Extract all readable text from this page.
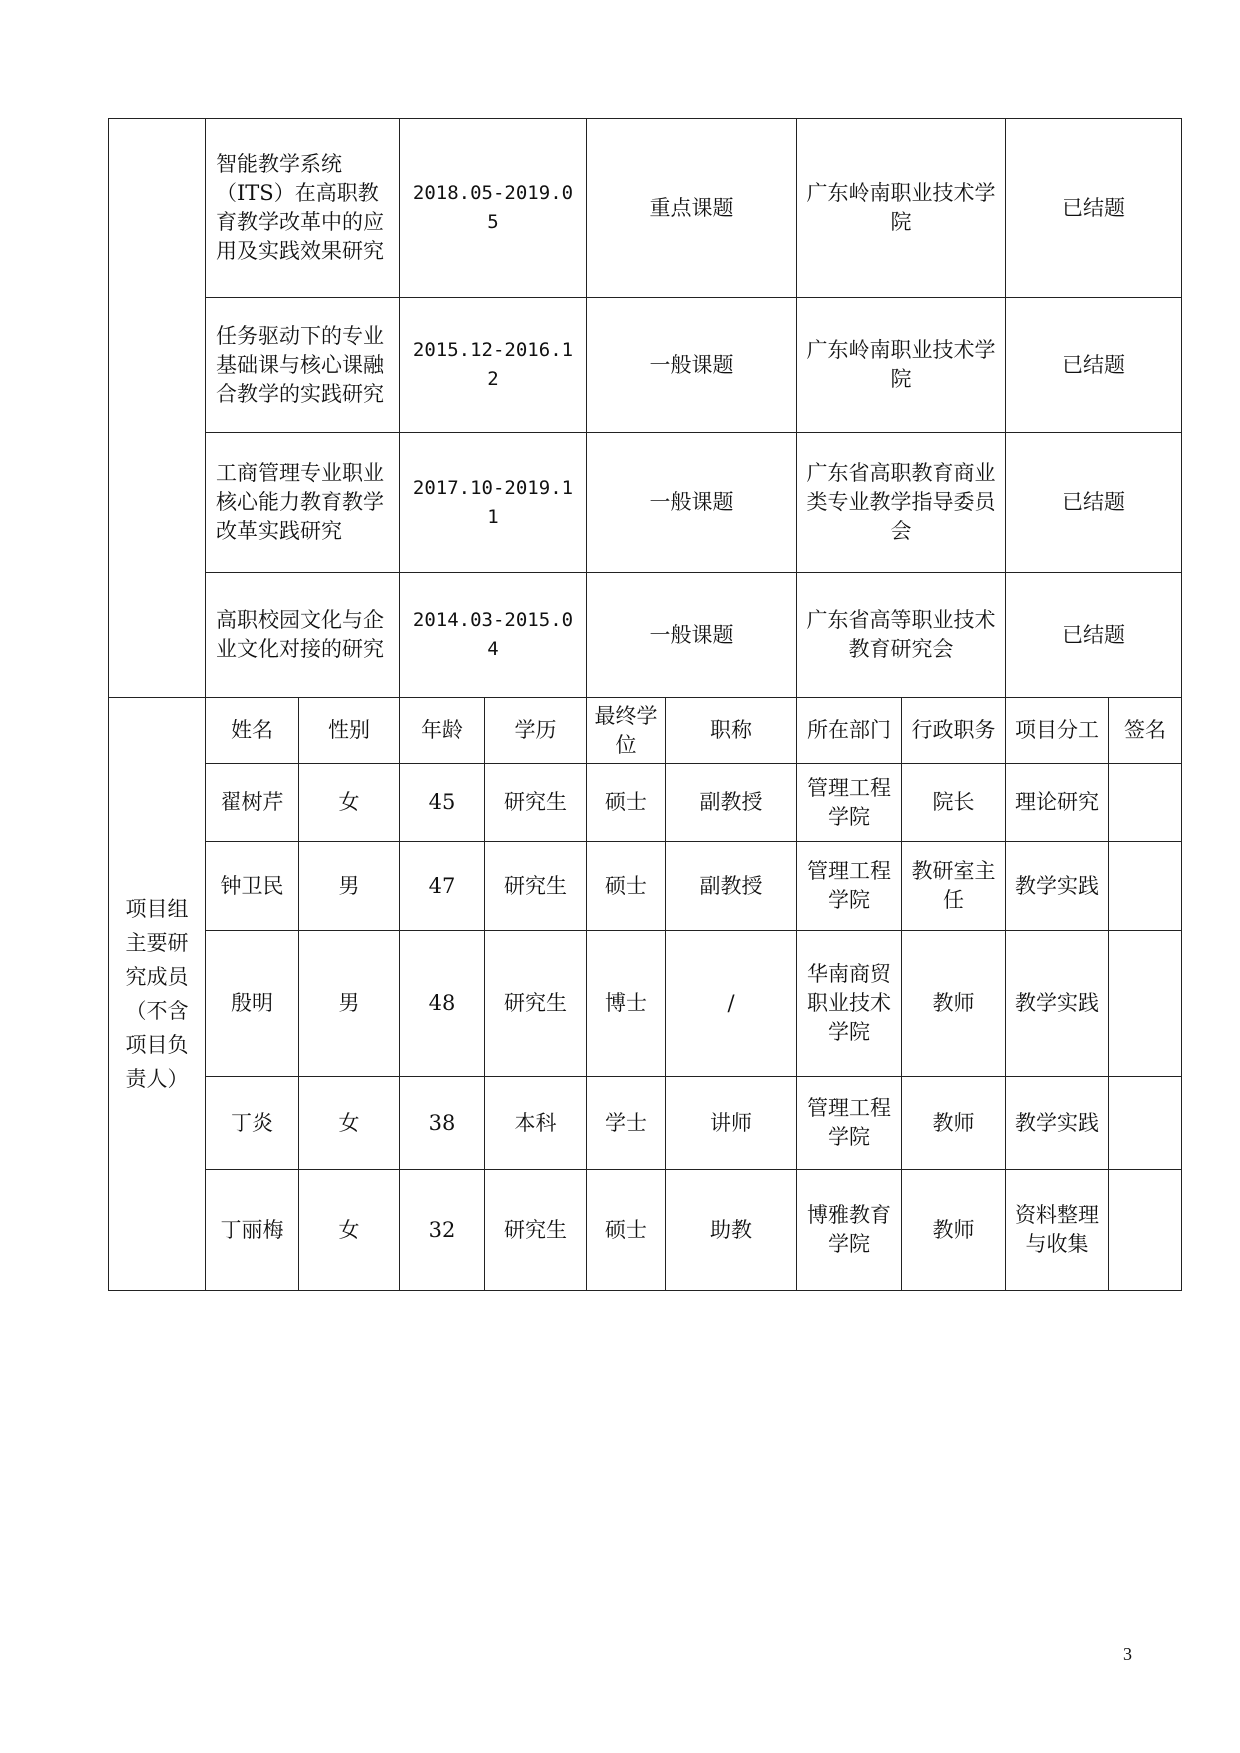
	智能教学系统（ITS）在高职教育教学改革中的应用及实践效果研究		2018.05-2019.05		重点课题		广东岭南职业技术学院		已结题	
	任务驱动下的专业基础课与核心课融合教学的实践研究		2015.12-2016.12		一般课题		广东岭南职业技术学院		已结题	
	工商管理专业职业核心能力教育教学改革实践研究		2017.10-2019.11		一般课题		广东省高职教育商业类专业教学指导委员会		已结题	
	高职校园文化与企业文化对接的研究		2014.03-2015.04		一般课题		广东省高等职业技术教育研究会		已结题	
项目组主要研究成员（不含项目负责人）	姓名	性别	年龄	学历	最终学位	职称	所在部门	行政职务	项目分工	签名
	翟树芹	女	45	研究生	硕士	副教授	管理工程学院	院长	理论研究	
	钟卫民	男	47	研究生	硕士	副教授	管理工程学院	教研室主任	教学实践	
	殷明	男	48	研究生	博士	/	华南商贸职业技术学院	教师	教学实践	
	丁炎	女	38	本科	学士	讲师	管理工程学院	教师	教学实践	
	丁丽梅	女	32	研究生	硕士	助教	博雅教育学院	教师	资料整理与收集	
3
